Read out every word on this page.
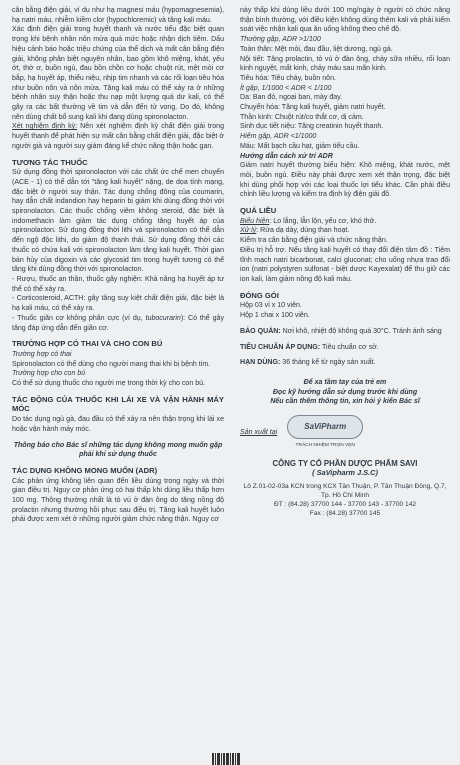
cân bằng điện giải, ví dụ như hạ magnesi máu (hypomagnesemia), hạ natri máu, nhiễm kiềm clor (hypochloremic) và tăng kali máu.

Xác định điện giải trong huyết thanh và nước tiểu đặc biệt quan trọng khi bệnh nhân nôn mửa quá mức hoặc nhận dịch tiêm. Dấu hiệu cảnh báo hoặc triệu chứng của thể dịch và mất cân bằng điện giải, không phân biệt nguyên nhân, bao gồm khô miệng, khát, yếu ớt, thờ ơ, buồn ngủ, đau bồn chồn cơ hoặc chuột rút, mệt mỏi cơ bắp, hạ huyết áp, thiểu niệu, nhịp tim nhanh và các rối loạn tiêu hóa như buồn nôn và nôn mửa. Tăng kali máu có thể xảy ra ở những bệnh nhân suy thận hoặc thu nạp một lượng quá dư kali, có thể gây ra các bất thường về tim và dẫn đến tử vong. Do đó, không nên dùng chất bổ sung kali khi đang dùng spironolacton.

Xét nghiệm định kỳ: Nên xét nghiệm định kỳ chất điện giải trong huyết thanh để phát hiện sự mất cân bằng chất điện giải, đặc biệt ở người già và người suy giảm đáng kể chức năng thận hoặc gan.

TƯƠNG TÁC THUỐC

Sử dụng đồng thời spironolacton với các chất ức chế men chuyển (ACE - 1) có thể dẫn tới "tăng kali huyết" nặng, de dọa tính mạng, đặc biệt ở người suy thận. Tác dụng chống đông của coumarin, hay dẫn chất indandion hay heparin bị giảm khi dùng đồng thời với spironolacton. Các thuốc chống viêm không steroid, đặc biệt là indomethacin làm giảm tác dụng chống tăng huyết áp của spironolacton. Sử dụng đồng thời lithi và spironolacton có thể dẫn đến ngộ độc lithi, do giảm độ thanh thải. Sử dụng đồng thời các thuốc có chứa kali với spironolacton làm tăng kali huyết. Thời gian bán hủy của digoxin và các glycosid tim trong huyết tương có thể tăng khi dùng đồng thời với spironolacton.

- Rượu, thuốc an thần, thuốc gây nghiện: Khả năng hạ huyết áp tư thế có thể xảy ra.

- Corticosteroid, ACTH: gây tăng suy kiệt chất điện giải, đặc biệt là hạ kali máu, có thể xảy ra.

- Thuốc giãn cơ không phân cực (ví dụ, tubocurarin): Có thể gây tăng đáp ứng dẫn đến giãn cơ.

TRƯỜNG HỢP CÓ THAI VÀ CHO CON BÚ

Trường hợp có thai

Spironolacton có thể dùng cho người mang thai khi bị bệnh tim.

Trường hợp cho con bú

Có thể sử dụng thuốc cho người mẹ trong thời kỳ cho con bú.

TÁC ĐỘNG CỦA THUỐC KHI LÁI XE VÀ VẬN HÀNH MÁY MÓC

Do tác dụng ngủ gà, đau đầu có thể xảy ra nên thận trọng khi lái xe hoặc vận hành máy móc.

Thông báo cho Bác sĩ những tác dụng không mong muốn gặp phải khi sử dụng thuốc

TÁC DỤNG KHÔNG MONG MUỐN (ADR)

Các phản ứng không liên quan đến liều dùng trong ngày và thời gian điều trị. Nguy cơ phản ứng có hại thấp khi dùng liều thấp hơn 100 mg. Thông thường nhất là tỏ vú ở đàn ông do tăng nồng độ prolactin nhưng thường hồi phục sau điều trị. Tăng kali huyết luôn phải được xem xét ở những người giảm chức năng thận. Nguy cơ

này thấp khi dùng liều dưới 100 mg/ngày ở người có chức năng thận bình thường, với điều kiện không dùng thêm kali và phải kiểm soát việc nhận kali qua ăn uống không theo chế độ.

Thường gặp, ADR >1/100

Toàn thân: Mệt mỏi, đau đầu, liệt dương, ngủ gà.

Nội tiết: Tăng prolactin, tỏ vú ở đàn ông, chảy sữa nhiều, rối loạn kinh nguyệt, mất kinh, chảy máu sau mãn kinh.

Tiêu hóa: Tiêu chảy, buồn nôn.

Ít gặp, 1/1000 < ADR < 1/100

Da: Ban đỏ, ngoại ban, mày đay.

Chuyển hóa: Tăng kali huyết, giảm natri huyết.

Thần kinh: Chuột rút/co thắt cơ, dị cảm.

Sinh dục tiết niệu: Tăng creatinin huyết thanh.

Hiếm gặp, ADR <1/1000

Máu: Mất bạch cầu hạt, giảm tiểu cầu.

Hướng dẫn cách xử trí ADR

Giảm natri huyết thường biểu hiện: Khô miệng, khát nước, mệt mỏi, buồn ngủ. Điều này phải được xem xét thận trọng, đặc biệt khi dùng phối hợp với các loại thuốc lợi tiểu khác. Cần phải điều chỉnh liều lượng và kiểm tra định kỳ điện giải đồ.

QUÁ LIỀU

Biểu hiện: Lo lắng, lẫn lộn, yếu cơ, khó thở.

Xử lý: Rửa dạ dày, dùng than hoạt.

Kiểm tra cân bằng điện giải và chức năng thận.

Điều trị hỗ trợ. Nếu tăng kali huyết có thay đổi điện tâm đồ : Tiêm tĩnh mạch natri bicarbonat, calci gluconat; cho uống nhựa trao đổi ion (natri polystyren sulfonat - biệt dược Kayexalat) để thu giữ các ion kali, làm giảm nồng độ kali máu.

ĐÓNG GÓI

Hộp 03 vỉ x 10 viên.

Hộp 1 chai x 100 viên.

BẢO QUẢN: Nơi khô, nhiệt độ không quá 30°C. Tránh ánh sáng

TIÊU CHUẨN ÁP DỤNG: Tiêu chuẩn cơ sở.

HẠN DÙNG: 36 tháng kể từ ngày sản xuất.

Để xa tầm tay của trẻ em

Đọc kỹ hướng dẫn sử dụng trước khi dùng

Nếu cần thêm thông tin, xin hỏi ý kiến Bác sĩ

Sản xuất tại
SaViPharm
TRÁCH NHIỆM TRỌN VẸN
CÔNG TY CỔ PHẦN DƯỢC PHẨM SAVI
( SaVipharm J.S.C)
Lô Z.01-02-03a KCN trong KCX Tân Thuận, P. Tân Thuận Đông, Q.7, Tp. Hồ Chí Minh
ĐT : (84.28) 37700 144 - 37700 143 - 37700 142
Fax : (84.28) 37700 145
